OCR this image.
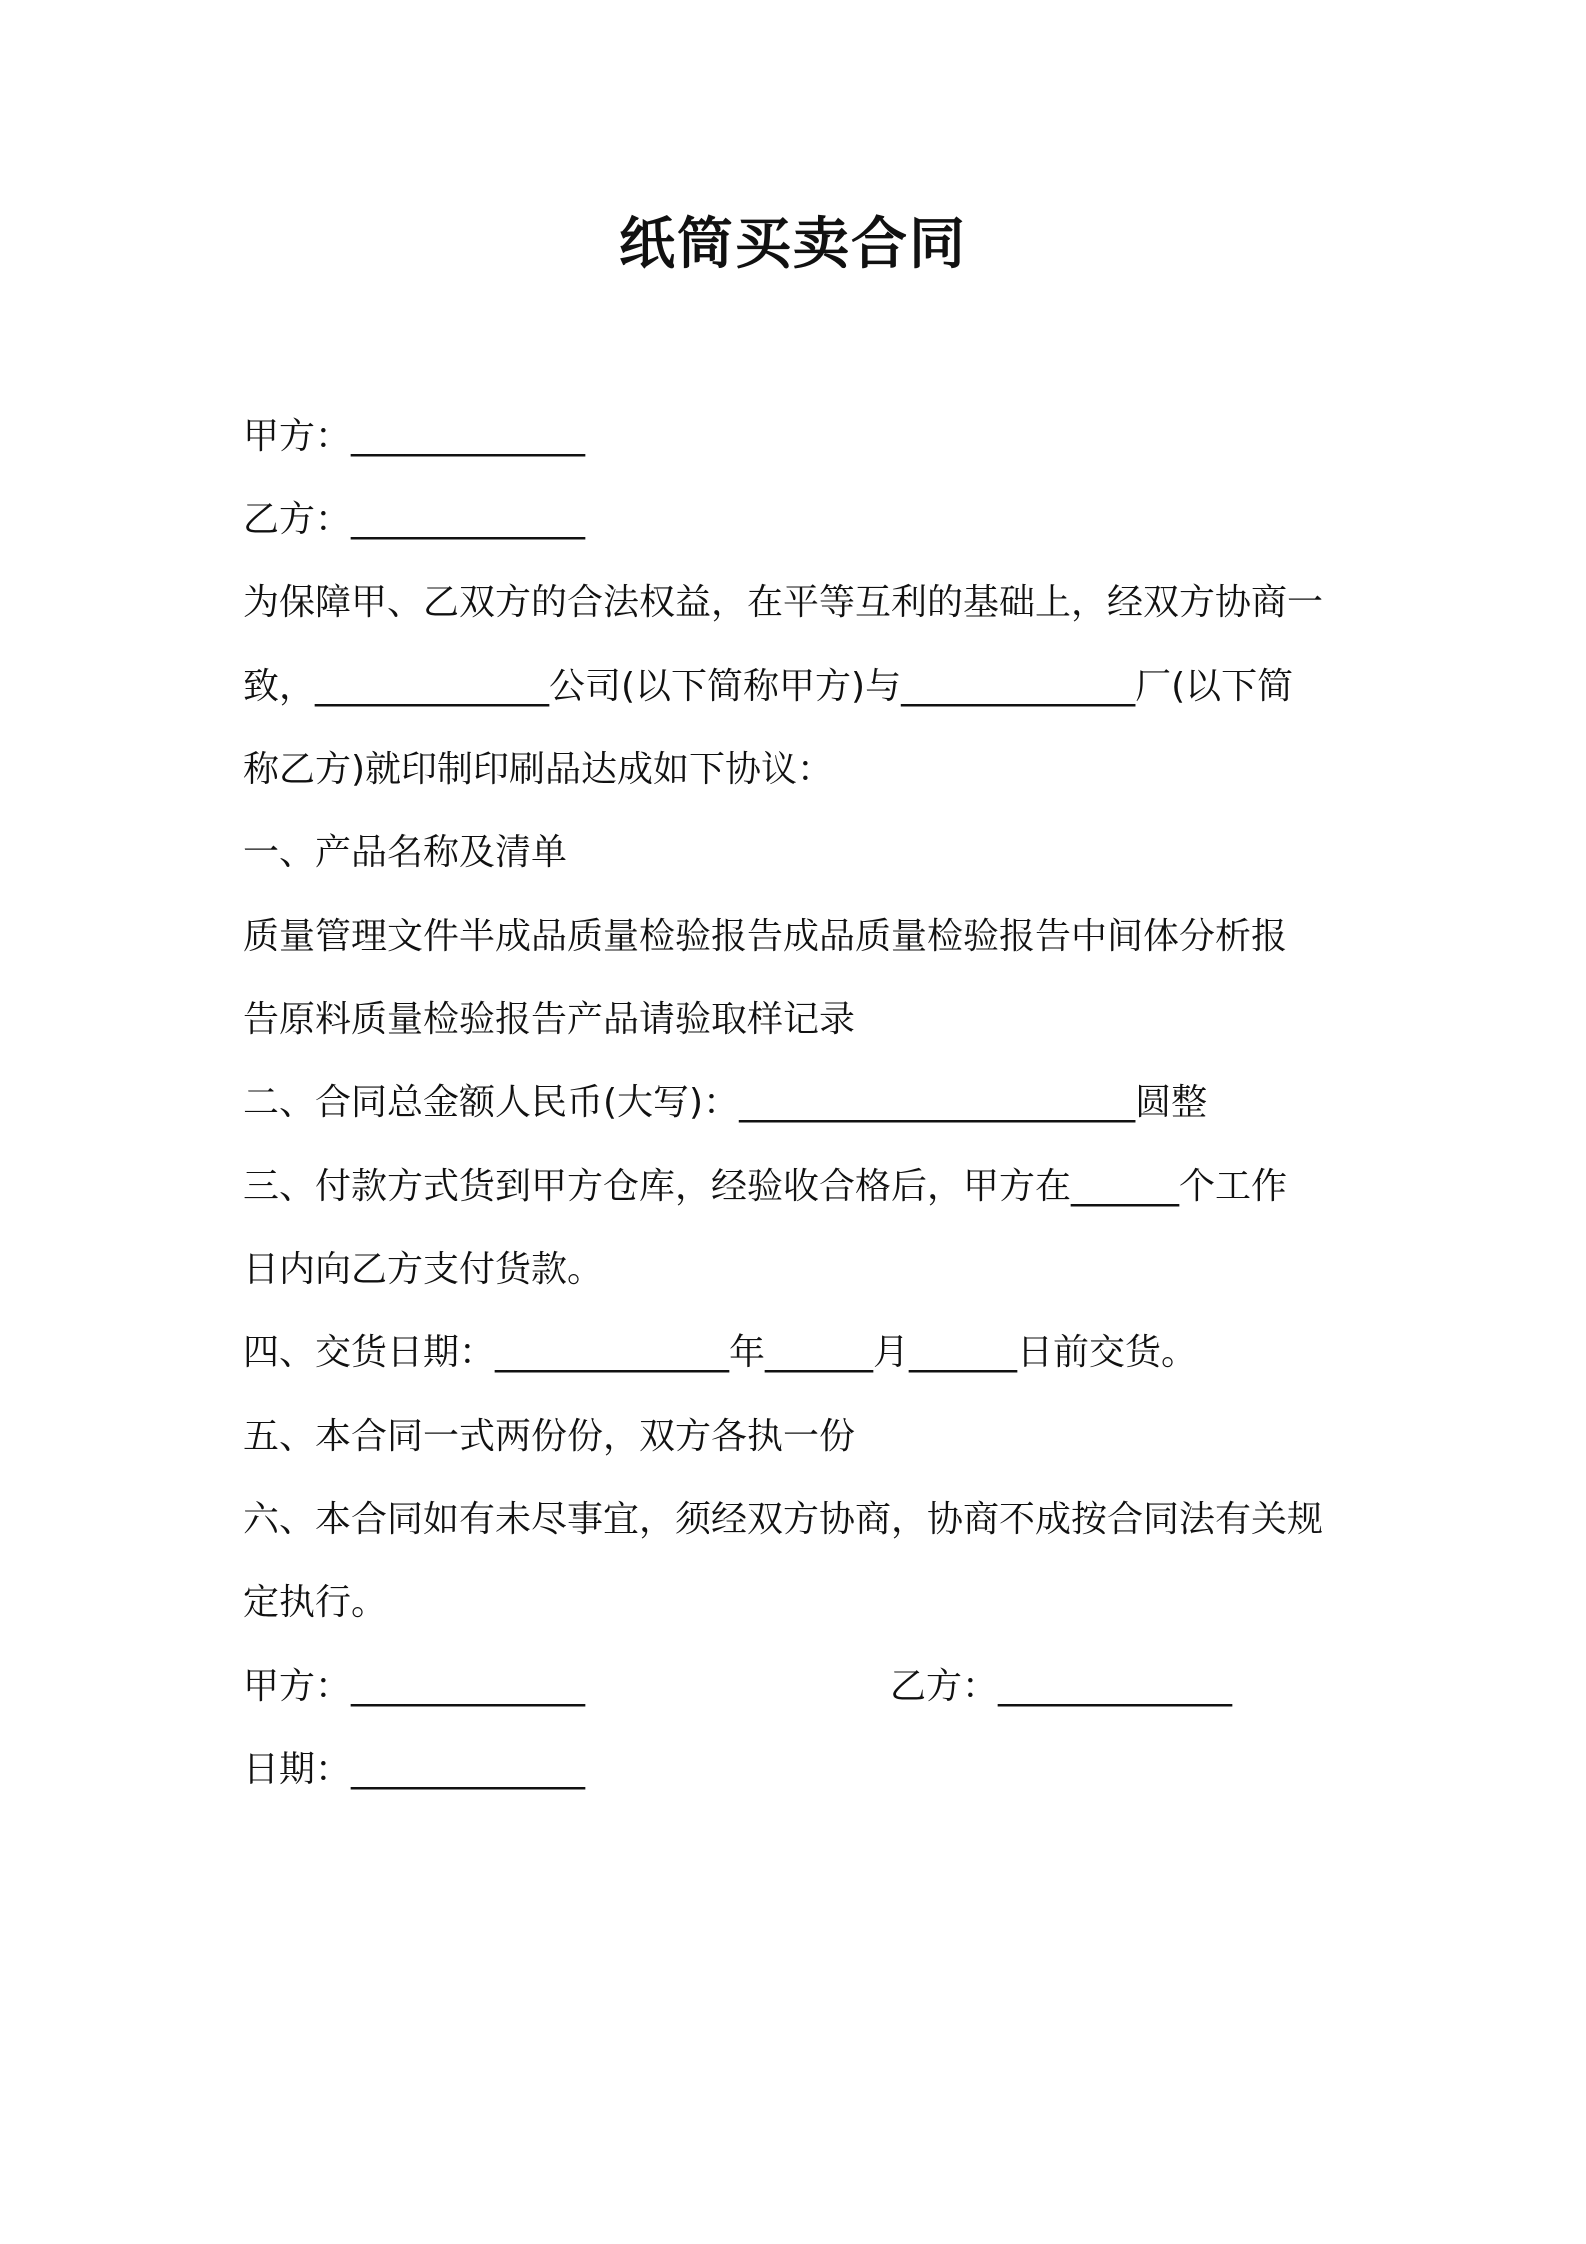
纸筒买卖合同
甲方：_____________
乙方：_____________
为保障甲、乙双方的合法权益，在平等互利的基础上，经双方协商一
致，_____________公司(以下简称甲方)与_____________厂(以下简
称乙方)就印制印刷品达成如下协议：
一、产品名称及清单
质量管理文件半成品质量检验报告成品质量检验报告中间体分析报
告原料质量检验报告产品请验取样记录
二、合同总金额人民币(大写)：______________________圆整
三、付款方式货到甲方仓库，经验收合格后，甲方在______个工作
日内向乙方支付货款。
四、交货日期：_____________年______月______日前交货。
五、本合同一式两份份，双方各执一份
六、本合同如有未尽事宜，须经双方协商，协商不成按合同法有关规
定执行。
甲方：_____________	乙方：_____________
日期：_____________
